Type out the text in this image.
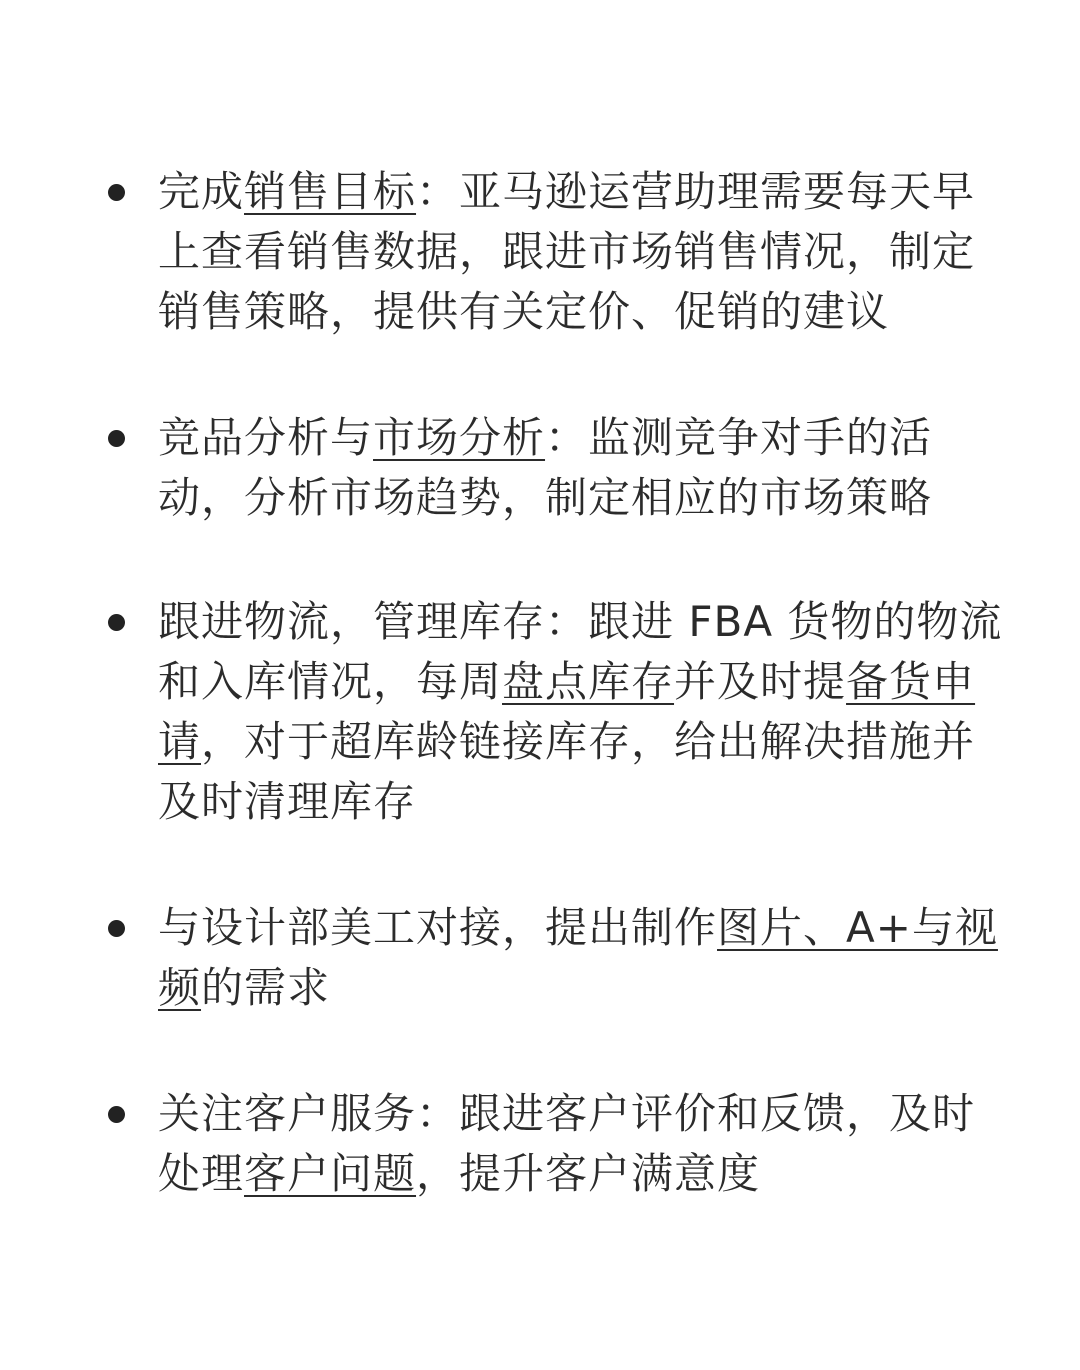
完成销售目标：亚马逊运营助理需要每天早上查看销售数据，跟进市场销售情况，制定销售策略，提供有关定价、促销的建议
竞品分析与市场分析：监测竞争对手的活动，分析市场趋势，制定相应的市场策略
跟进物流，管理库存：跟进 FBA 货物的物流和入库情况，每周盘点库存并及时提备货申请，对于超库龄链接库存，给出解决措施并及时清理库存
与设计部美工对接，提出制作图片、A+与视频的需求
关注客户服务：跟进客户评价和反馈，及时处理客户问题，提升客户满意度
